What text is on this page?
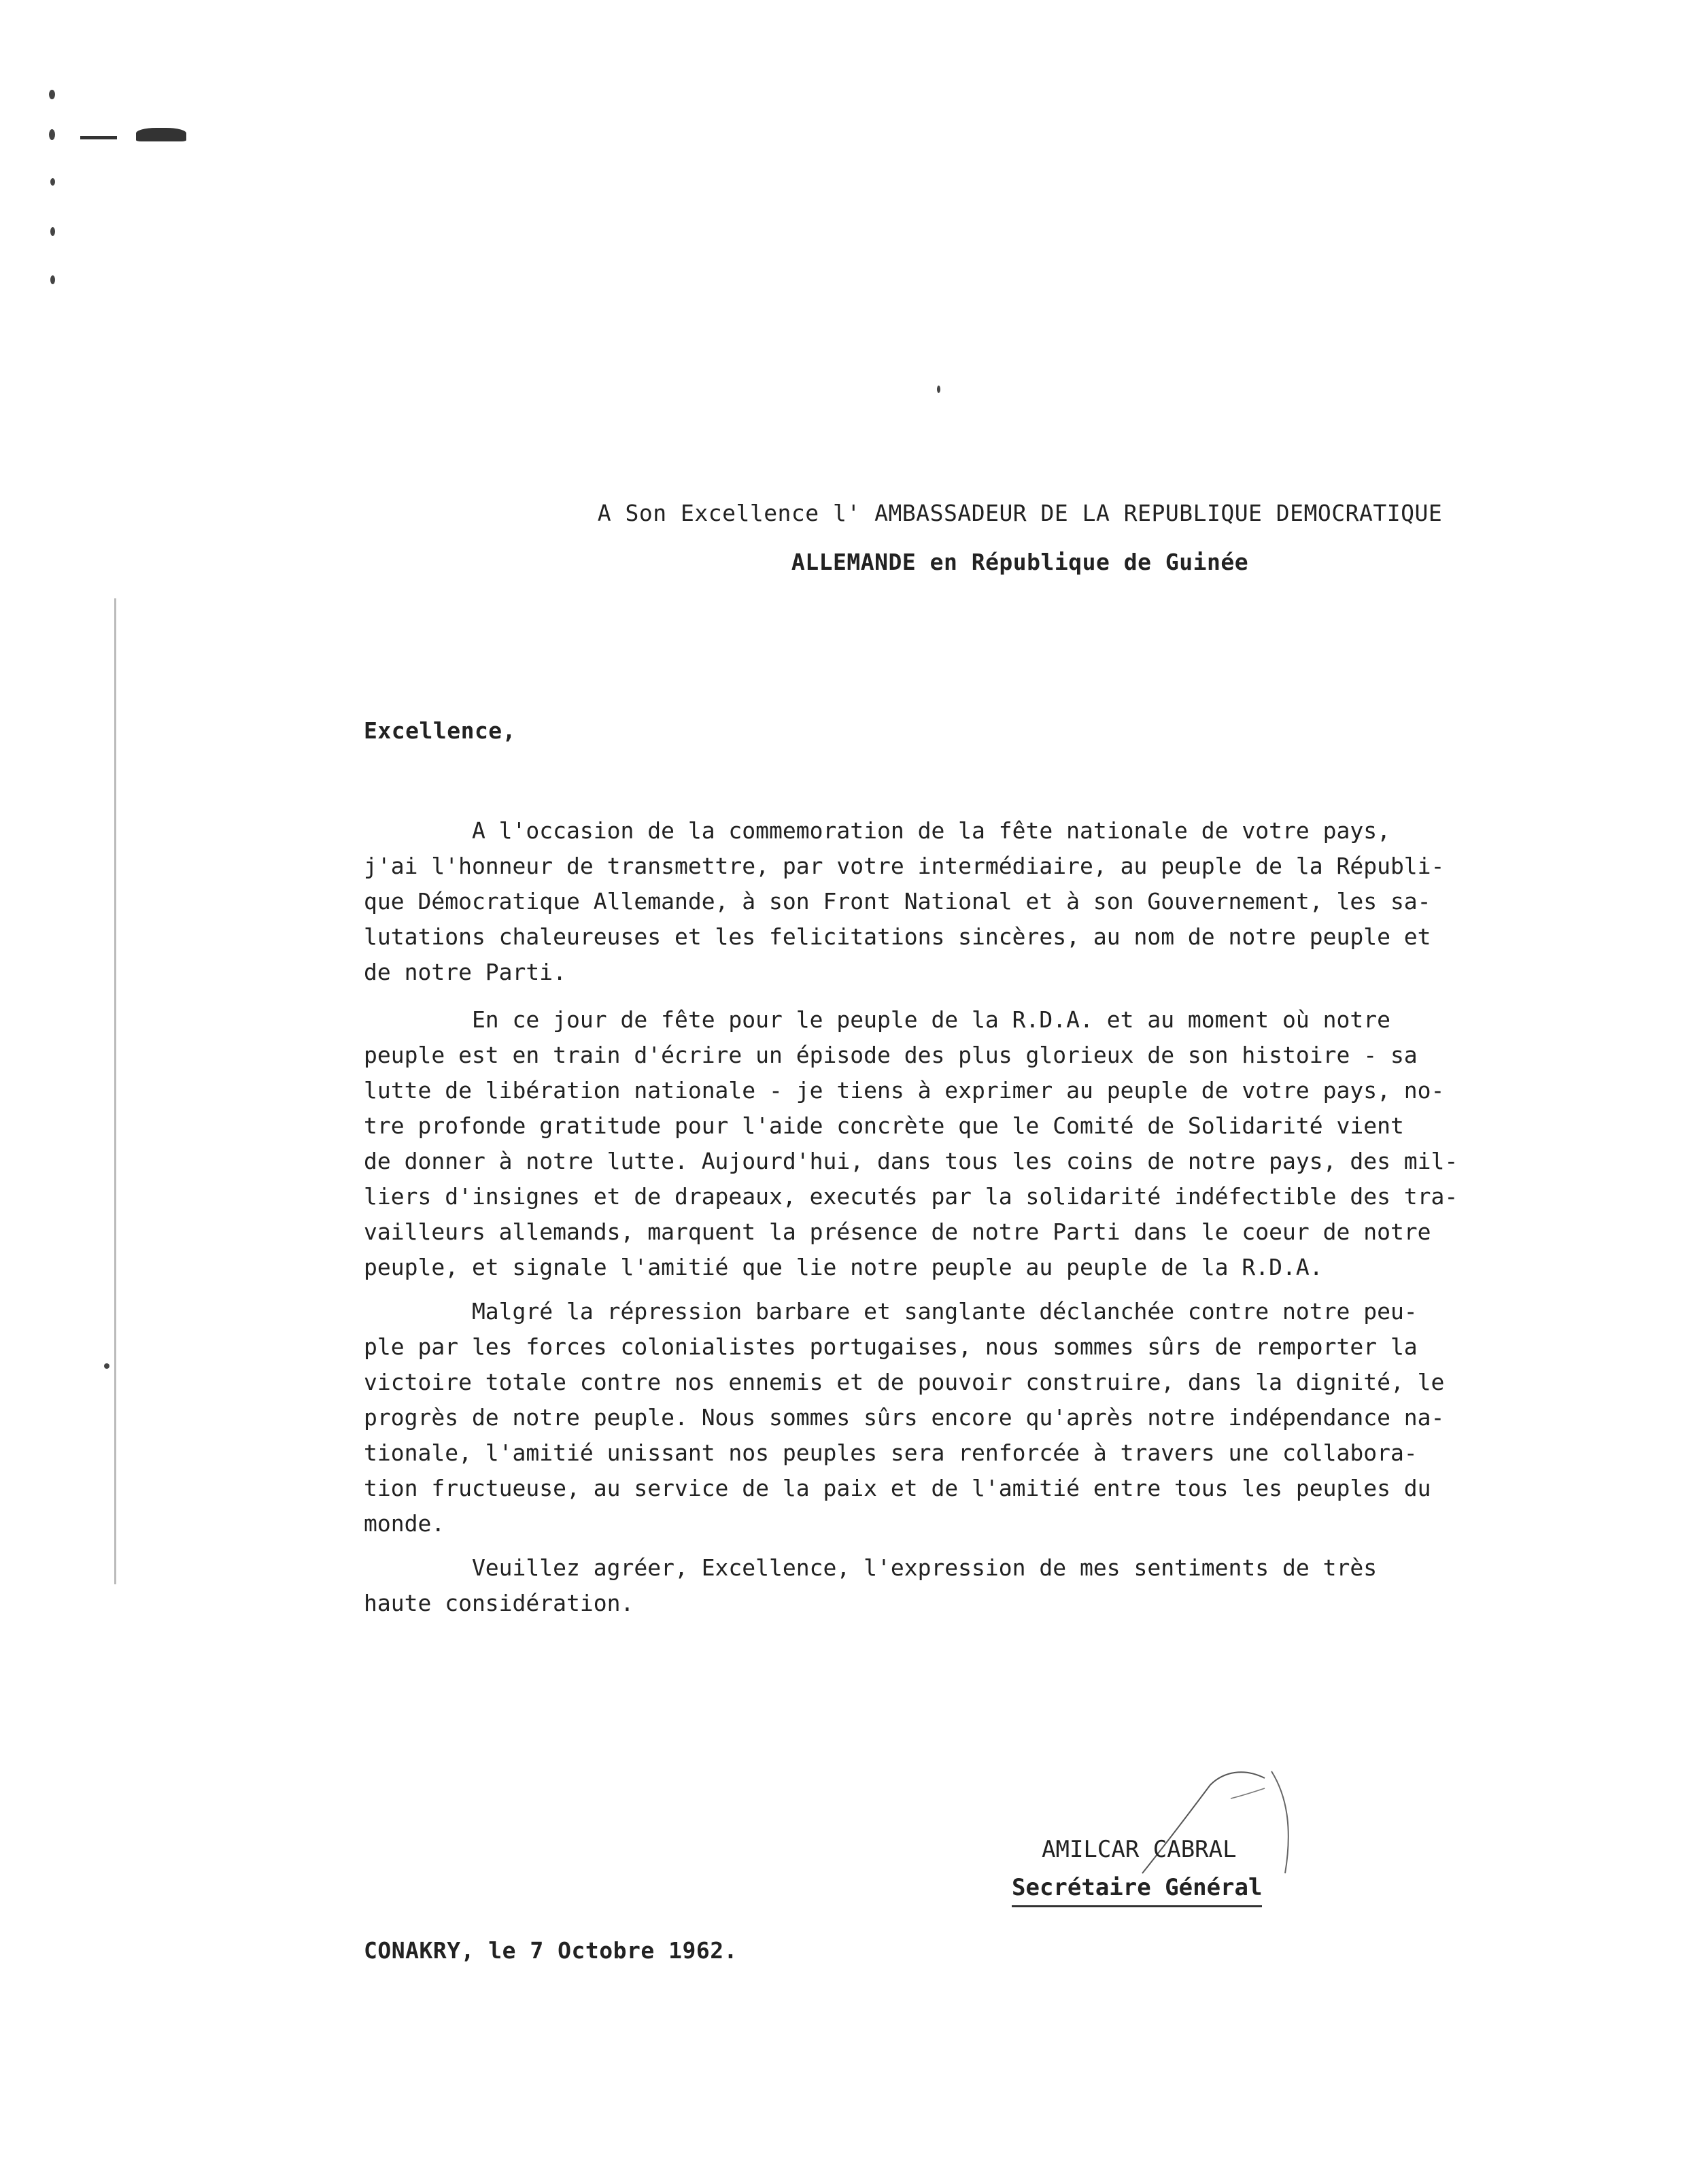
A Son Excellence l' AMBASSADEUR DE LA REPUBLIQUE DEMOCRATIQUE
ALLEMANDE en République de Guinée
Excellence,
A l'occasion de la commemoration de la fête nationale de votre pays,
j'ai l'honneur de transmettre, par votre intermédiaire, au peuple de la Républi-
que Démocratique Allemande, à son Front National et à son Gouvernement, les sa-
lutations chaleureuses et les felicitations sincères, au nom de notre peuple et
de notre Parti.
En ce jour de fête pour le peuple de la R.D.A. et au moment où notre
peuple est en train d'écrire un épisode des plus glorieux de son histoire - sa
lutte de libération nationale - je tiens à exprimer au peuple de votre pays, no-
tre profonde gratitude pour l'aide concrète que le Comité de Solidarité vient
de donner à notre lutte. Aujourd'hui, dans tous les coins de notre pays, des mil-
liers d'insignes et de drapeaux, executés par la solidarité indéfectible des tra-
vailleurs allemands, marquent la présence de notre Parti dans le coeur de notre
peuple, et signale l'amitié que lie notre peuple au peuple de la R.D.A.
Malgré la répression barbare et sanglante déclanchée contre notre peu-
ple par les forces colonialistes portugaises, nous sommes sûrs de remporter la
victoire totale contre nos ennemis et de pouvoir construire, dans la dignité, le
progrès de notre peuple. Nous sommes sûrs encore qu'après notre indépendance na-
tionale, l'amitié unissant nos peuples sera renforcée à travers une collabora-
tion fructueuse, au service de la paix et de l'amitié entre tous les peuples du
monde.
Veuillez agréer, Excellence, l'expression de mes sentiments de très
haute considération.
AMILCAR CABRAL
Secrétaire Général
CONAKRY, le 7 Octobre 1962.
